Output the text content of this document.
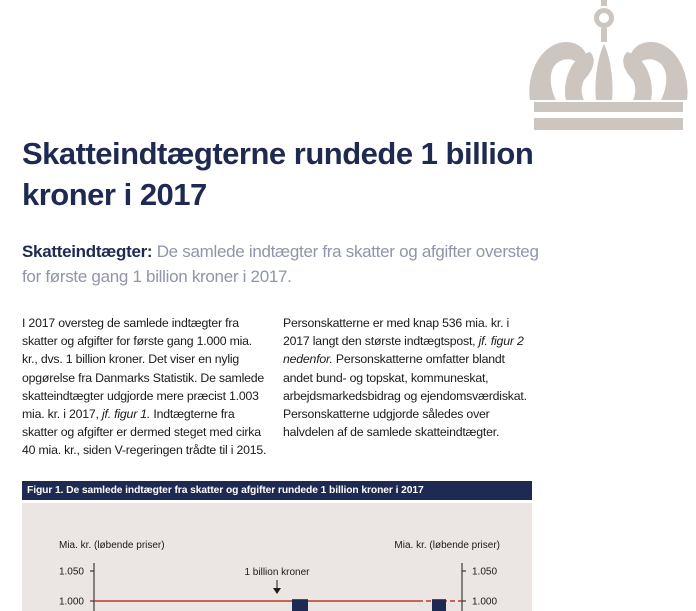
Skatteindtægterne rundede 1 billion kroner i 2017

Skatteindtægter: De samlede indtægter fra skatter og afgifter oversteg for første gang 1 billion kroner i 2017.

I 2017 oversteg de samlede indtægter fra skatter og afgifter for første gang 1.000 mia. kr., dvs. 1 billion kroner. Det viser en nylig opgørelse fra Danmarks Statistik. De samlede skatteindtægter udgjorde mere præcist 1.003 mia. kr. i 2017, jf. figur 1. Indtægterne fra skatter og afgifter er dermed steget med cirka 40 mia. kr., siden V-regeringen trådte til i 2015.

Personskatterne er med knap 536 mia. kr. i 2017 langt den største indtægtspost, jf. figur 2 nedenfor. Personskatterne omfatter blandt andet bund- og topskat, kommuneskat, arbejdsmarkedsbidrag og ejendomsværdiskat. Personskatterne udgjorde således over halvdelen af de samlede skatteindtægter.

Figur 1. De samlede indtægter fra skatter og afgifter rundede 1 billion kroner i 2017
Mia. kr. (løbende priser)	Mia. kr. (løbende priser)
1 billion kroner
1.050	1.050
1.000	1.000
